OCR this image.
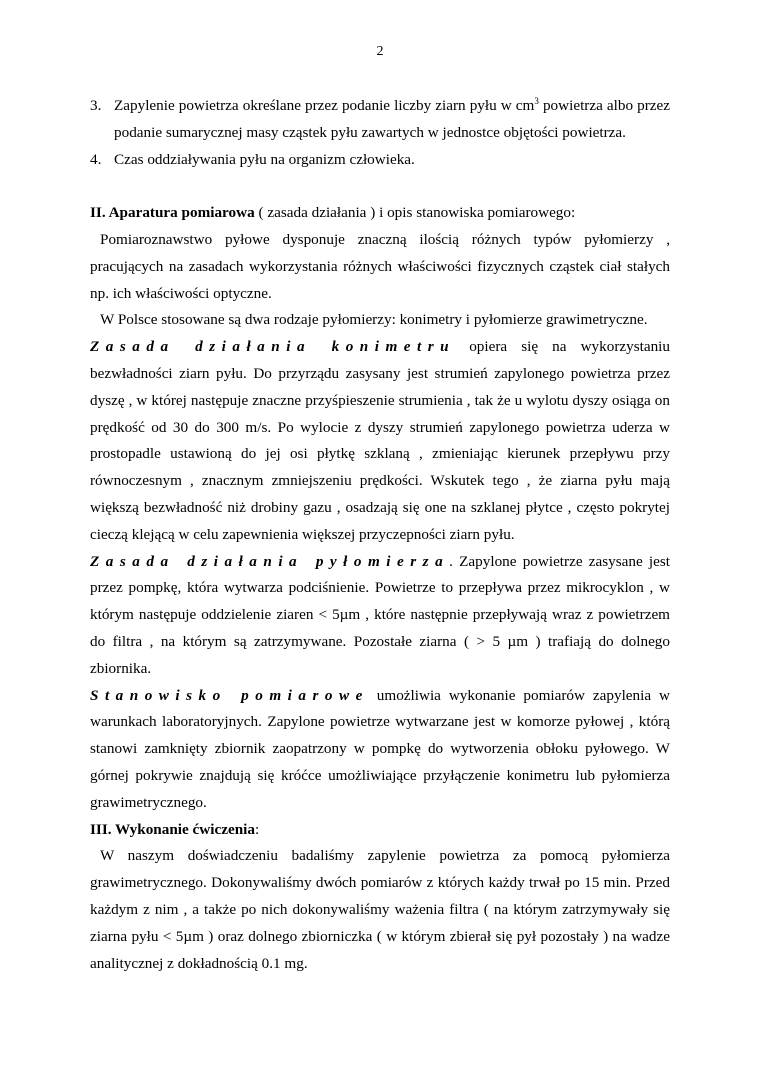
2
3. Zapylenie powietrza określane przez podanie liczby ziarn pyłu w $cm^3$ powietrza albo przez podanie sumarycznej masy cząstek pyłu zawartych w jednostce objętości powietrza.
4. Czas oddziaływania pyłu na organizm człowieka.

II. Aparatura pomiarowa ( zasada działania ) i opis stanowiska pomiarowego:

Pomiaroznawstwo pyłowe dysponuje znaczną ilością różnych typów pyłomierzy , pracujących na zasadach wykorzystania różnych właściwości fizycznych cząstek ciał stałych np. ich właściwości optyczne.

W Polsce stosowane są dwa rodzaje pyłomierzy: konimetry i pyłomierze grawimetryczne.

Zasada działania konimetru opiera się na wykorzystaniu bezwładności ziarn pyłu. Do przyrządu zasysany jest strumień zapylonego powietrza przez dyszę , w której następuje znaczne przyśpieszenie strumienia , tak że u wylotu dyszy osiąga on prędkość od 30 do 300 m/s. Po wylocie z dyszy strumień zapylonego powietrza uderza w prostopadle ustawioną do jej osi płytkę szklaną , zmieniając kierunek przepływu przy równoczesnym , znacznym zmniejszeniu prędkości. Wskutek tego , że ziarna pyłu mają większą bezwładność niż drobiny gazu , osadzają się one na szklanej płytce , często pokrytej cieczą klejącą w celu zapewnienia większej przyczepności ziarn pyłu.

Zasada działania pyłomierza. Zapylone powietrze zasysane jest przez pompkę, która wytwarza podciśnienie. Powietrze to przepływa przez mikrocyklon , w którym następuje oddzielenie ziaren < 5µm , które następnie przepływają wraz z powietrzem do filtra , na którym są zatrzymywane. Pozostałe ziarna ( > 5 µm ) trafiają do dolnego zbiornika.

Stanowisko pomiarowe umożliwia wykonanie pomiarów zapylenia w warunkach laboratoryjnych. Zapylone powietrze wytwarzane jest w komorze pyłowej , którą stanowi zamknięty zbiornik zaopatrzony w pompkę do wytworzenia obłoku pyłowego. W górnej pokrywie znajdują się króćce umożliwiające przyłączenie konimetru lub pyłomierza grawimetrycznego.

III. Wykonanie ćwiczenia:

W naszym doświadczeniu badaliśmy zapylenie powietrza za pomocą pyłomierza grawimetrycznego. Dokonywaliśmy dwóch pomiarów z których każdy trwał po 15 min. Przed każdym z nim , a także po nich dokonywaliśmy ważenia filtra ( na którym zatrzymywały się ziarna pyłu < 5µm ) oraz dolnego zbiorniczka ( w którym zbierał się pył pozostały ) na wadze analitycznej z dokładnością 0.1 mg.
